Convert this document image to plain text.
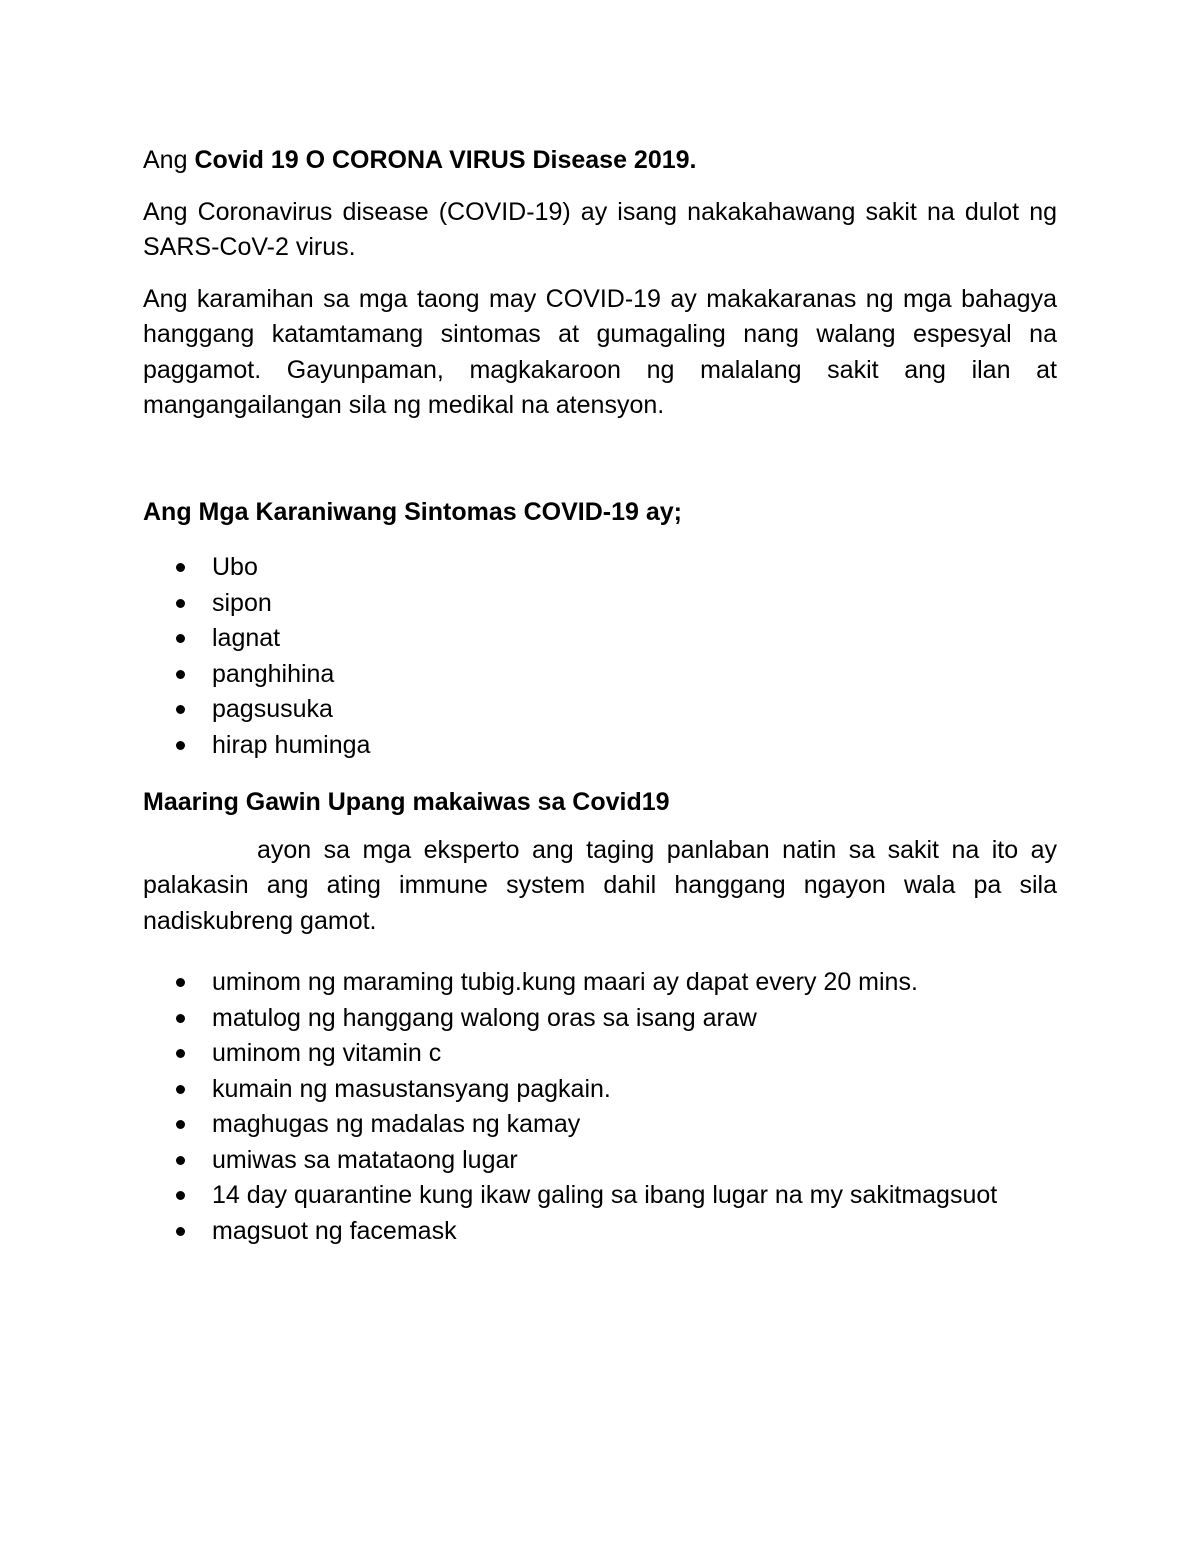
Ang Covid 19 O CORONA VIRUS Disease 2019.
Ang Coronavirus disease (COVID-19) ay isang nakakahawang sakit na dulot ng SARS-CoV-2 virus.
Ang karamihan sa mga taong may COVID-19 ay makakaranas ng mga bahagya hanggang katamtamang sintomas at gumagaling nang walang espesyal na paggamot. Gayunpaman, magkakaroon ng malalang sakit ang ilan at mangangailangan sila ng medikal na atensyon.
Ang Mga Karaniwang Sintomas COVID-19 ay;
Ubo
sipon
lagnat
panghihina
pagsusuka
hirap huminga
Maaring Gawin Upang makaiwas sa Covid19
ayon sa mga eksperto ang taging panlaban natin sa sakit na ito ay palakasin ang ating immune system dahil hanggang ngayon wala pa sila nadiskubreng gamot.
uminom ng maraming tubig.kung maari ay dapat every 20 mins.
matulog ng hanggang walong oras sa isang araw
uminom ng vitamin c
kumain ng masustansyang pagkain.
maghugas ng madalas ng kamay
umiwas sa matataong lugar
14 day quarantine kung ikaw galing sa ibang lugar na my sakitmagsuot
magsuot ng facemask
